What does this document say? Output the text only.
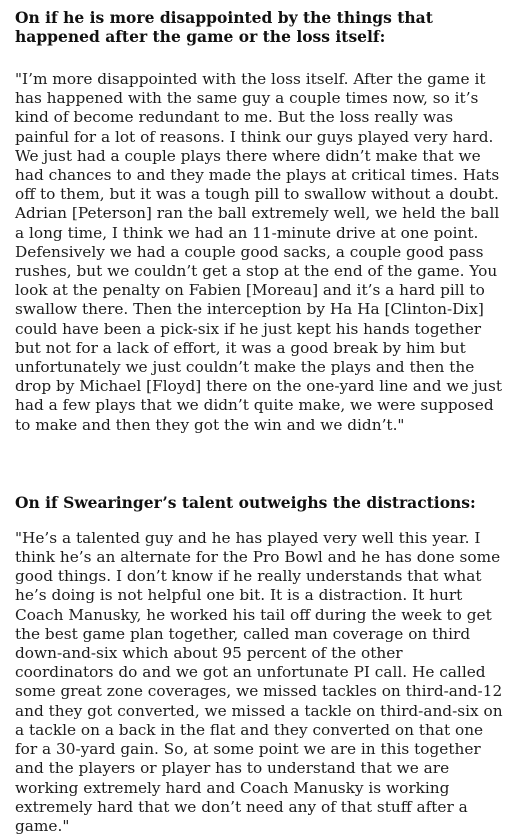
On if he is more disappointed by the things that happened after the game or the loss itself:

"I’m more disappointed with the loss itself. After the game it has happened with the same guy a couple times now, so it’s kind of become redundant to me. But the loss really was painful for a lot of reasons. I think our guys played very hard. We just had a couple plays there where didn’t make that we had chances to and they made the plays at critical times. Hats off to them, but it was a tough pill to swallow without a doubt. Adrian [Peterson] ran the ball extremely well, we held the ball a long time, I think we had an 11-minute drive at one point. Defensively we had a couple good sacks, a couple good pass rushes, but we couldn’t get a stop at the end of the game. You look at the penalty on Fabien [Moreau] and it’s a hard pill to swallow there. Then the interception by Ha Ha [Clinton-Dix] could have been a pick-six if he just kept his hands together but not for a lack of effort, it was a good break by him but unfortunately we just couldn’t make the plays and then the drop by Michael [Floyd] there on the one-yard line and we just had a few plays that we didn’t quite make, we were supposed to make and then they got the win and we didn’t."

On if Swearinger’s talent outweighs the distractions:

"He’s a talented guy and he has played very well this year. I think he’s an alternate for the Pro Bowl and he has done some good things. I don’t know if he really understands that what he’s doing is not helpful one bit. It is a distraction. It hurt Coach Manusky, he worked his tail off during the week to get the best game plan together, called man coverage on third down-and-six which about 95 percent of the other coordinators do and we got an unfortunate PI call. He called some great zone coverages, we missed tackles on third-and-12 and they got converted, we missed a tackle on third-and-six on a tackle on a back in the flat and they converted on that one for a 30-yard gain. So, at some point we are in this together and the players or player has to understand that we are working extremely hard and Coach Manusky is working extremely hard that we don’t need any of that stuff after a game."
